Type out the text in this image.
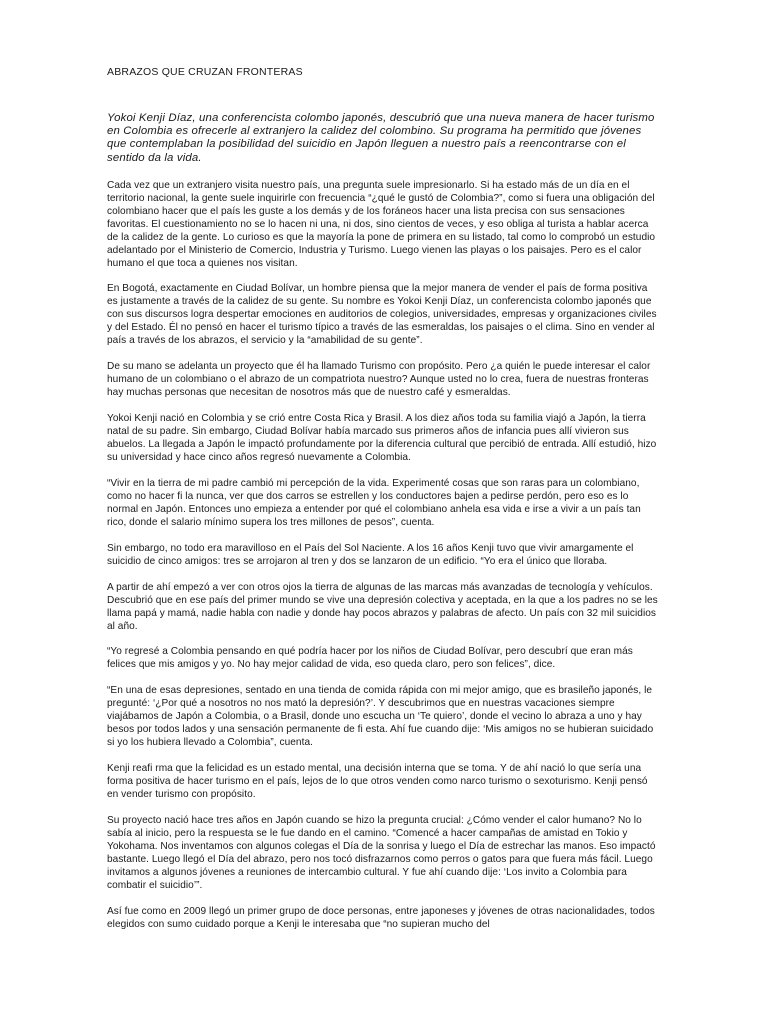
ABRAZOS QUE CRUZAN FRONTERAS

Yokoi Kenji Díaz, una conferencista colombo japonés, descubrió que una nueva manera de hacer turismo en Colombia es ofrecerle al extranjero la calidez del colombino. Su programa ha permitido que jóvenes que contemplaban la posibilidad del suicidio en Japón lleguen a nuestro país a reencontrarse con el sentido da la vida.

Cada vez que un extranjero visita nuestro país, una pregunta suele impresionarlo. Si ha estado más de un día en el territorio nacional, la gente suele inquirirle con frecuencia “¿qué le gustó de Colombia?”, como si fuera una obligación del colombiano hacer que el país les guste a los demás y de los foráneos hacer una lista precisa con sus sensaciones favoritas. El cuestionamiento no se lo hacen ni una, ni dos, sino cientos de veces, y eso obliga al turista a hablar acerca de la calidez de la gente. Lo curioso es que la mayoría la pone de primera en su listado, tal como lo comprobó un estudio adelantado por el Ministerio de Comercio, Industria y Turismo. Luego vienen las playas o los paisajes. Pero es el calor humano el que toca a quienes nos visitan.

En Bogotá, exactamente en Ciudad Bolívar, un hombre piensa que la mejor manera de vender el país de forma positiva es justamente a través de la calidez de su gente. Su nombre es Yokoi Kenji Díaz, un conferencista colombo japonés que con sus discursos logra despertar emociones en auditorios de colegios, universidades, empresas y organizaciones civiles y del Estado. Él no pensó en hacer el turismo típico a través de las esmeraldas, los paisajes o el clima. Sino en vender al país a través de los abrazos, el servicio y la “amabilidad de su gente”.

De su mano se adelanta un proyecto que él ha llamado Turismo con propósito. Pero ¿a quién le puede interesar el calor humano de un colombiano o el abrazo de un compatriota nuestro? Aunque usted no lo crea, fuera de nuestras fronteras hay muchas personas que necesitan de nosotros más que de nuestro café y esmeraldas.

Yokoi Kenji nació en Colombia y se crió entre Costa Rica y Brasil. A los diez años toda su familia viajó a Japón, la tierra natal de su padre. Sin embargo, Ciudad Bolívar había marcado sus primeros años de infancia pues allí vivieron sus abuelos. La llegada a Japón le impactó profundamente por la diferencia cultural que percibió de entrada. Allí estudió, hizo su universidad y hace cinco años regresó nuevamente a Colombia.

“Vivir en la tierra de mi padre cambió mi percepción de la vida. Experimenté cosas que son raras para un colombiano, como no hacer fi la nunca, ver que dos carros se estrellen y los conductores bajen a pedirse perdón, pero eso es lo normal en Japón. Entonces uno empieza a entender por qué el colombiano anhela esa vida e irse a vivir a un país tan rico, donde el salario mínimo supera los tres millones de pesos”, cuenta.

Sin embargo, no todo era maravilloso en el País del Sol Naciente. A los 16 años Kenji tuvo que vivir amargamente el suicidio de cinco amigos: tres se arrojaron al tren y dos se lanzaron de un edificio. “Yo era el único que lloraba.

A partir de ahí empezó a ver con otros ojos la tierra de algunas de las marcas más avanzadas de tecnología y vehículos. Descubrió que en ese país del primer mundo se vive una depresión colectiva y aceptada, en la que a los padres no se les llama papá y mamá, nadie habla con nadie y donde hay pocos abrazos y palabras de afecto. Un país con 32 mil suicidios al año.

“Yo regresé a Colombia pensando en qué podría hacer por los niños de Ciudad Bolívar, pero descubrí que eran más felices que mis amigos y yo. No hay mejor calidad de vida, eso queda claro, pero son felices”, dice.

“En una de esas depresiones, sentado en una tienda de comida rápida con mi mejor amigo, que es brasileño japonés, le pregunté: ‘¿Por qué a nosotros no nos mató la depresión?’. Y descubrimos que en nuestras vacaciones siempre viajábamos de Japón a Colombia, o a Brasil, donde uno escucha un ‘Te quiero’, donde el vecino lo abraza a uno y hay besos por todos lados y una sensación permanente de fi esta. Ahí fue cuando dije: ‘Mis amigos no se hubieran suicidado si yo los hubiera llevado a Colombia”, cuenta.

Kenji reafi rma que la felicidad es un estado mental, una decisión interna que se toma. Y de ahí nació lo que sería una forma positiva de hacer turismo en el país, lejos de lo que otros venden como narco turismo o sexoturismo. Kenji pensó en vender turismo con propósito.

Su proyecto nació hace tres años en Japón cuando se hizo la pregunta crucial: ¿Cómo vender el calor humano? No lo sabía al inicio, pero la respuesta se le fue dando en el camino. “Comencé a hacer campañas de amistad en Tokio y Yokohama. Nos inventamos con algunos colegas el Día de la sonrisa y luego el Día de estrechar las manos. Eso impactó bastante. Luego llegó el Día del abrazo, pero nos tocó disfrazarnos como perros o gatos para que fuera más fácil. Luego invitamos a algunos jóvenes a reuniones de intercambio cultural. Y fue ahí cuando dije: ‘Los invito a Colombia para combatir el suicidio’”.

Así fue como en 2009 llegó un primer grupo de doce personas, entre japoneses y jóvenes de otras nacionalidades, todos elegidos con sumo cuidado porque a Kenji le interesaba que “no supieran mucho del
